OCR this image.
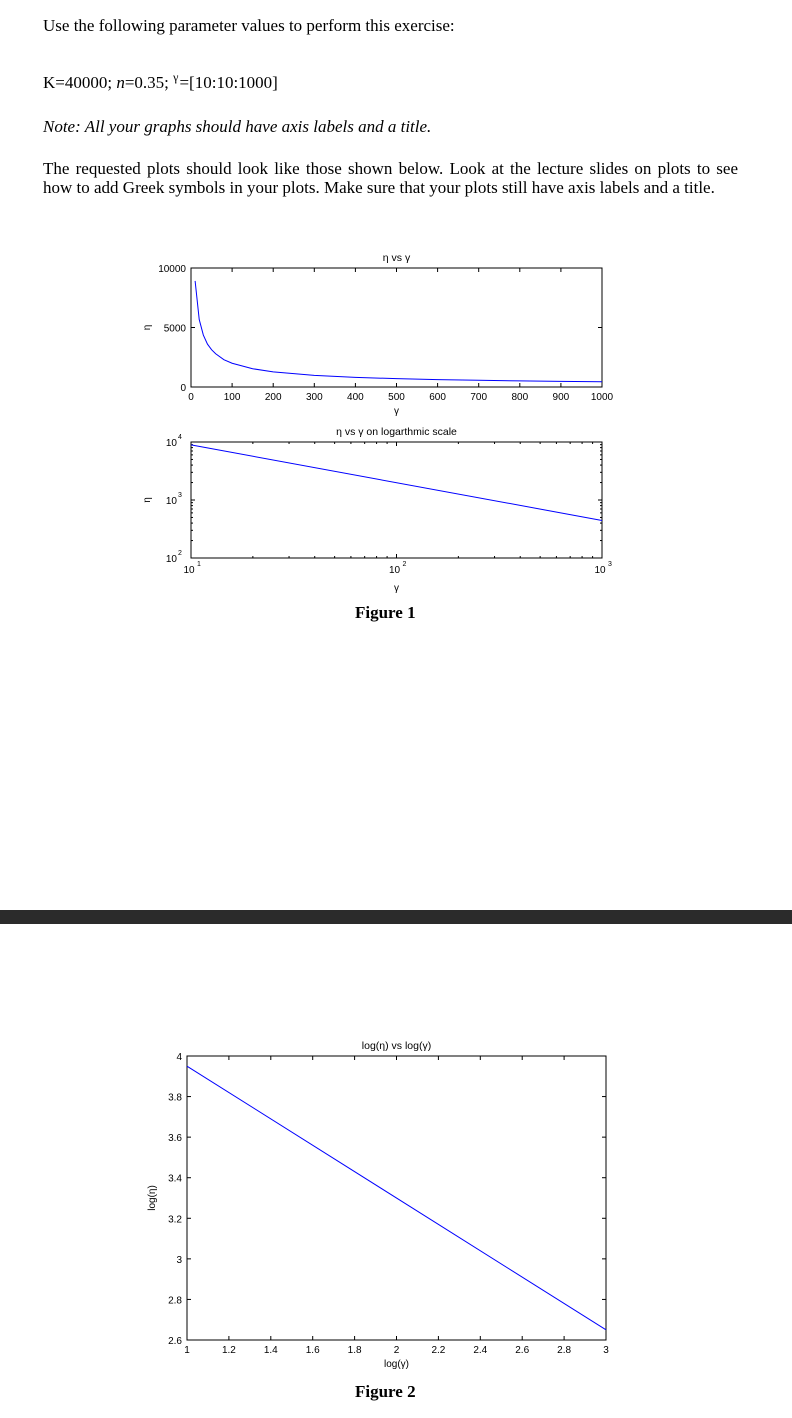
Use the following parameter values to perform this exercise:
K=40000; n=0.35; $^\gamma$=[10:10:1000]
Note: All your graphs should have axis labels and a title.
The requested plots should look like those shown below. Look at the lecture slides on plots to see how to add Greek symbols in your plots. Make sure that your plots still have axis labels and a title.
0	100 200 300 400 500 600 700 800 900 1000
0
5000
10000
η vs γ
γ
η
10
1
10
2
10
3
10
2
10
3
10
4	η vs γ on logarthmic scale
γ
η
Figure 1
1	1.2	1.4	1.6	1.8	2	2.2	2.4	2.6	2.8	3
2.6
2.8
3
3.2
3.4
3.6
3.8
4
log(η) vs log(γ)
log(γ)
log(η)
Figure 2
